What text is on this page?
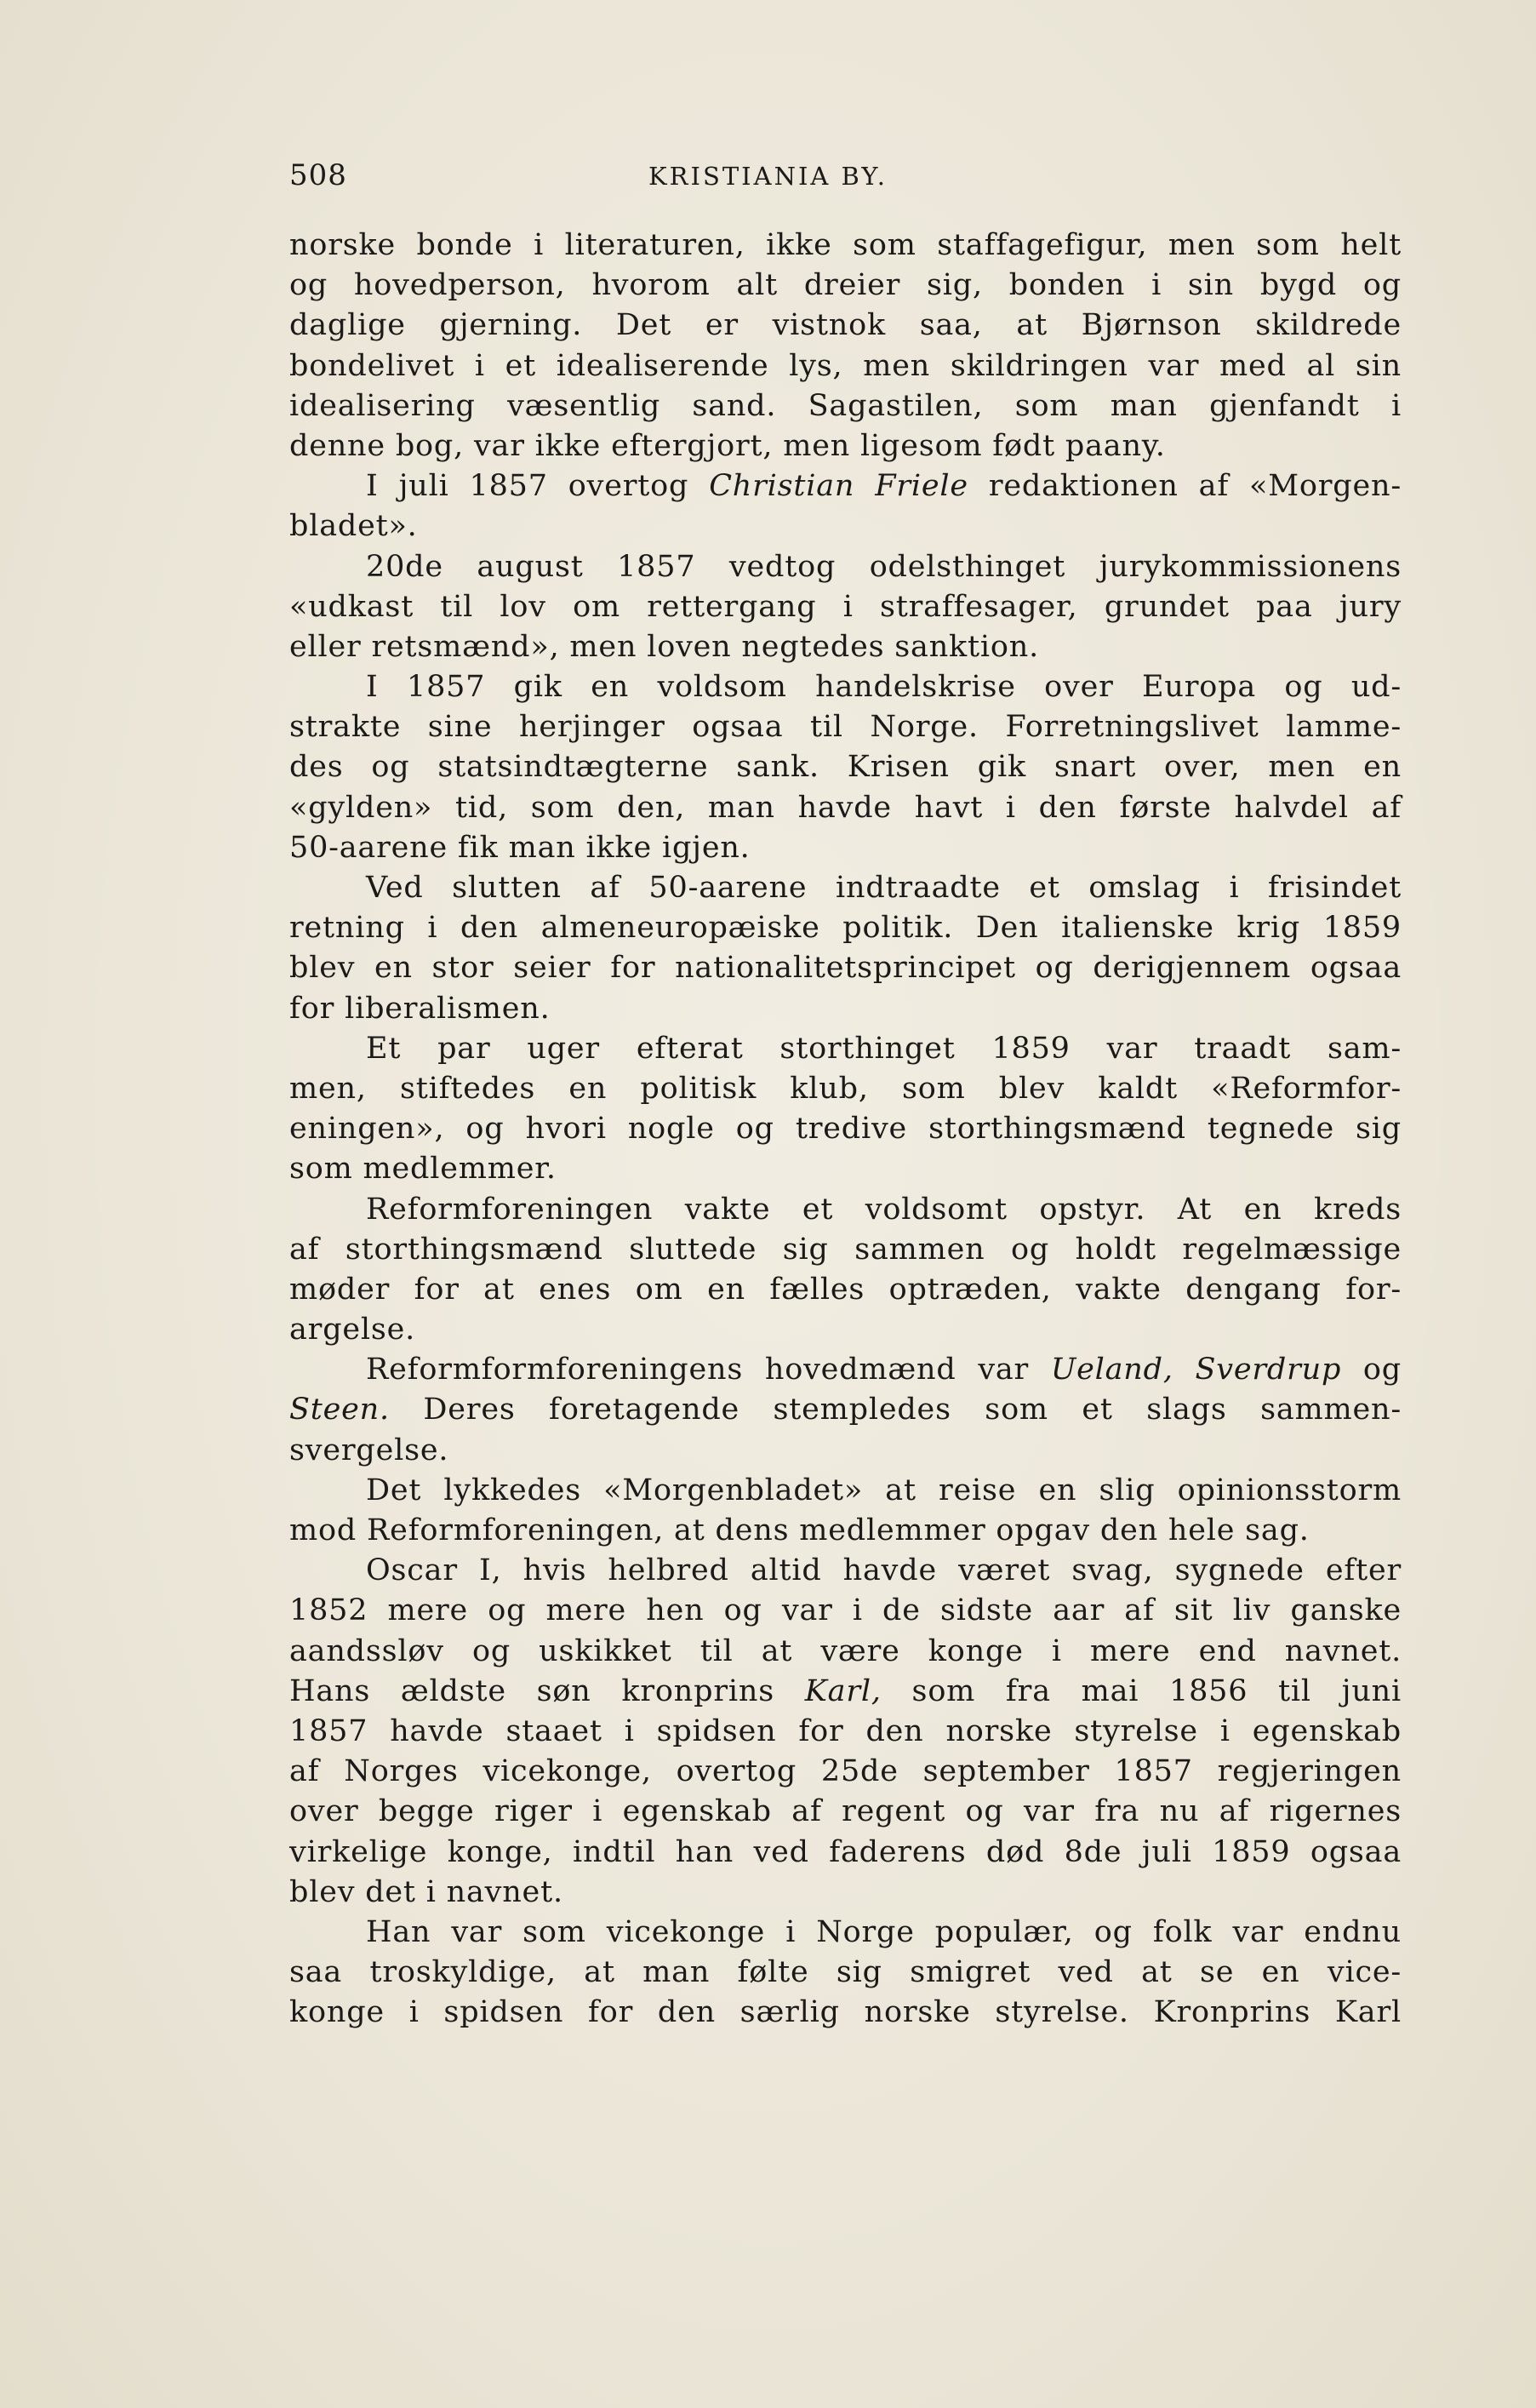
508	KRISTIANIA BY.
norske bonde i literaturen, ikke som staffagefigur, men som helt
og hovedperson, hvorom alt dreier sig, bonden i sin bygd og
daglige gjerning. Det er vistnok saa, at Bjørnson skildrede
bondelivet i et idealiserende lys, men skildringen var med al sin
idealisering væsentlig sand. Sagastilen, som man gjenfandt i
denne bog, var ikke eftergjort, men ligesom født paany.
I juli 1857 overtog Christian Friele redaktionen af «Morgen-
bladet».
20de august 1857 vedtog odelsthinget jurykommissionens
«udkast til lov om rettergang i straffesager, grundet paa jury
eller retsmænd», men loven negtedes sanktion.
I 1857 gik en voldsom handelskrise over Europa og ud-
strakte sine herjinger ogsaa til Norge. Forretningslivet lamme-
des og statsindtægterne sank. Krisen gik snart over, men en
«gylden» tid, som den, man havde havt i den første halvdel af
50-aarene fik man ikke igjen.
Ved slutten af 50-aarene indtraadte et omslag i frisindet
retning i den almeneuropæiske politik. Den italienske krig 1859
blev en stor seier for nationalitetsprincipet og derigjennem ogsaa
for liberalismen.
Et par uger efterat storthinget 1859 var traadt sam-
men, stiftedes en politisk klub, som blev kaldt «Reformfor-
eningen», og hvori nogle og tredive storthingsmænd tegnede sig
som medlemmer.
Reformforeningen vakte et voldsomt opstyr. At en kreds
af storthingsmænd sluttede sig sammen og holdt regelmæssige
møder for at enes om en fælles optræden, vakte dengang for-
argelse.
Reformformforeningens hovedmænd var Ueland, Sverdrup og
Steen. Deres foretagende stempledes som et slags sammen-
svergelse.
Det lykkedes «Morgenbladet» at reise en slig opinionsstorm
mod Reformforeningen, at dens medlemmer opgav den hele sag.
Oscar I, hvis helbred altid havde været svag, sygnede efter
1852 mere og mere hen og var i de sidste aar af sit liv ganske
aandssløv og uskikket til at være konge i mere end navnet.
Hans ældste søn kronprins Karl, som fra mai 1856 til juni
1857 havde staaet i spidsen for den norske styrelse i egenskab
af Norges vicekonge, overtog 25de september 1857 regjeringen
over begge riger i egenskab af regent og var fra nu af rigernes
virkelige konge, indtil han ved faderens død 8de juli 1859 ogsaa
blev det i navnet.
Han var som vicekonge i Norge populær, og folk var endnu
saa troskyldige, at man følte sig smigret ved at se en vice-
konge i spidsen for den særlig norske styrelse. Kronprins Karl
